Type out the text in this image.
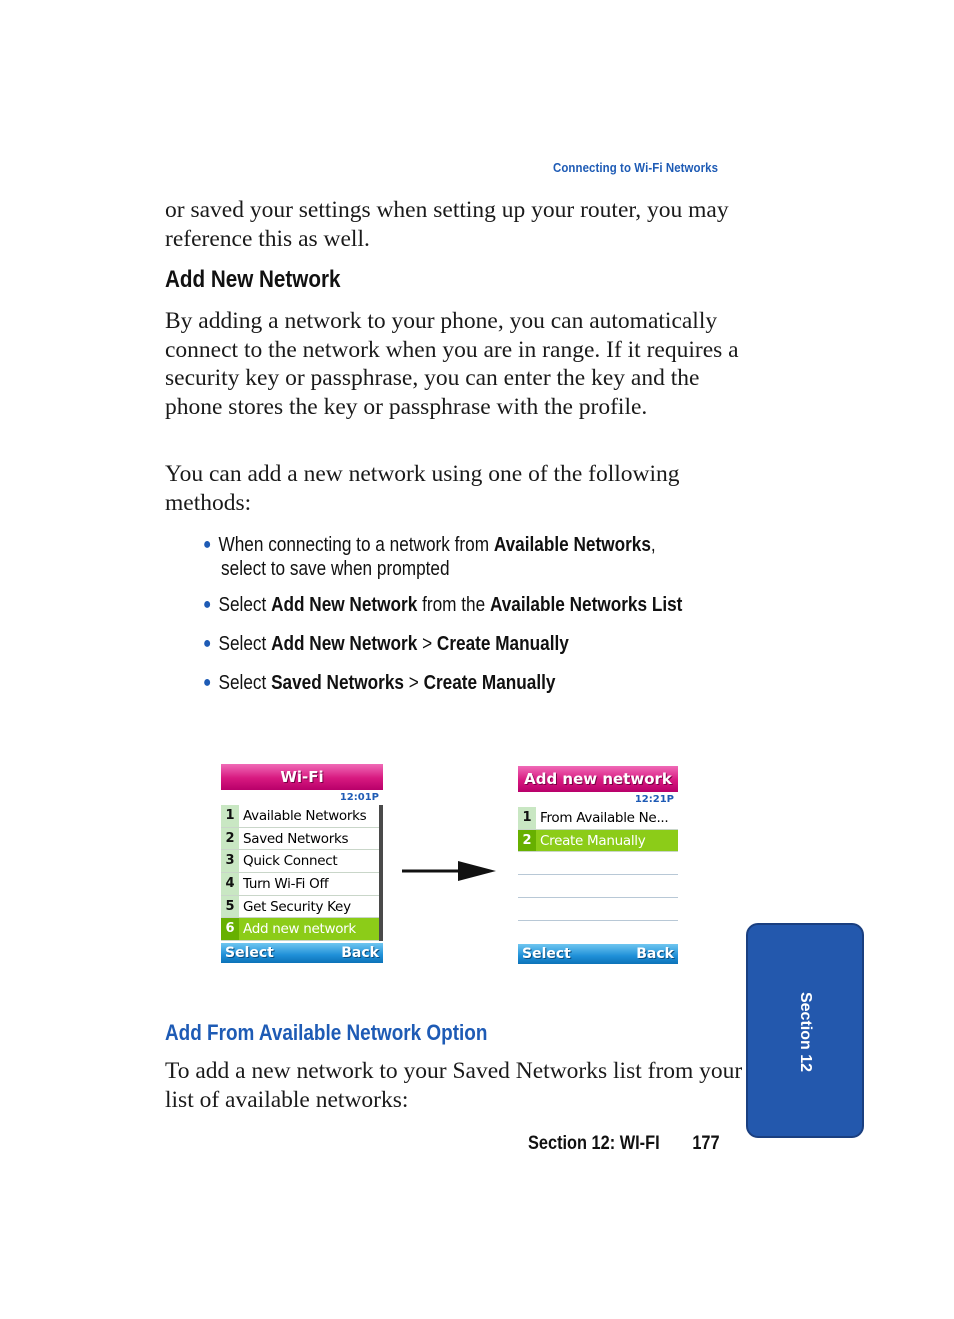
Connecting to Wi-Fi Networks

or saved your settings when setting up your router, you may reference this as well.

Add New Network

By adding a network to your phone, you can automatically connect to the network when you are in range. If it requires a security key or passphrase, you can enter the key and the phone stores the key or passphrase with the profile.

You can add a new network using one of the following methods:

● When connecting to a network from Available Networks,
select to save when prompted
● Select Add New Network from the Available Networks List
● Select Add New Network > Create Manually
● Select Saved Networks > Create Manually
Wi-Fi
12:01P
1 Available Networks
2 Saved Networks
3 Quick Connect
4 Turn Wi-Fi Off
5 Get Security Key
6 Add new network
Select	Back
Add new network
12:21P
1 From Available Ne...
2 Create Manually
Select	Back
Add From Available Network Option

To add a new network to your Saved Networks list from your list of available networks:

Section 12
Section 12: WI-FI 177
